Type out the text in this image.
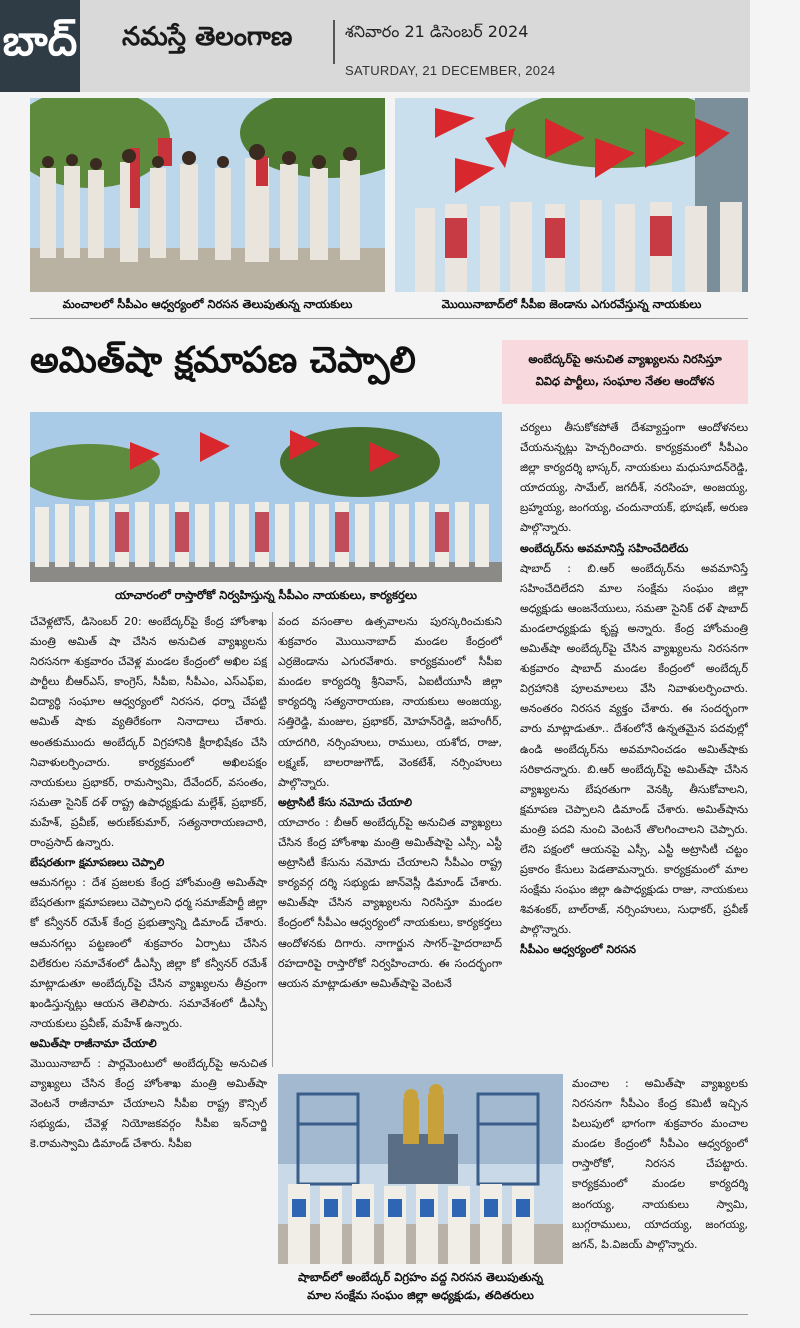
బాద్ నమస్తే తెలంగాణ	శనివారం 21 డిసెంబర్ 2024
SATURDAY, 21 DECEMBER, 2024
మంచాలలో సీపీఎం ఆధ్వర్యంలో నిరసన తెలుపుతున్న నాయకులు	మొయినాబాద్‌లో సీపీఐ జెండాను ఎగురవేస్తున్న నాయకులు
అమిత్‌షా క్షమాపణ చెప్పాలి	అంబేద్కర్‌పై అనుచిత వ్యాఖ్యలను నిరసిస్తూ
వివిధ పార్టీలు, సంఘాల నేతల ఆందోళన
యాచారంలో రాస్తారోకో నిర్వహిస్తున్న సీపీఎం నాయకులు, కార్యకర్తలు
చేవెళ్లటౌన్, డిసెంబర్ 20: అంబేద్కర్‌పై కేంద్ర హోంశాఖ మంత్రి అమిత్ షా చేసిన అనుచిత వ్యాఖ్యలను నిరసనగా శుక్రవారం చేవెళ్ల మండల కేంద్రంలో అఖిల పక్ష పార్టీలు బీఆర్‌ఎస్, కాంగ్రెస్, సీపీఐ, సీపీఎం, ఎస్‌ఎఫ్‌ఐ, విద్యార్థి సంఘాల ఆధ్వర్యంలో నిరసన, ధర్నా చేపట్టి అమిత్ షాకు వ్యతిరేకంగా నినాదాలు చేశారు. అంతకుముందు అంబేద్కర్ విగ్రహానికి క్షీరాభిషేకం చేసి నివాళులర్పించారు. కార్యక్రమంలో అఖిలపక్షం నాయకులు ప్రభాకర్, రామస్వామి, దేవేందర్, వసంతం, సమతా సైనిక్ దళ్ రాష్ట్ర ఉపాధ్యక్షుడు మల్లేశ్, ప్రభాకర్, మహేశ్, ప్రవీణ్, అరుణ్‌కుమార్, సత్యనారాయణచారి, రాంప్రసాద్ ఉన్నారు.
బేషరతుగా క్షమాపణలు చెప్పాలి
ఆమనగల్లు : దేశ ప్రజలకు కేంద్ర హోంమంత్రి అమిత్‌షా బేషరతుగా క్షమాపణలు చెప్పాలని ధర్మ సమాజ్‌పార్టీ జిల్లా కో కన్వీనర్ రమేశ్ కేంద్ర ప్రభుత్వాన్ని డిమాండ్ చేశారు. ఆమనగల్లు పట్టణంలో శుక్రవారం ఏర్పాటు చేసిన విలేకరుల సమావేశంలో డీఎస్పీ జిల్లా కో కన్వీనర్ రమేశ్ మాట్లాడుతూ అంబేద్కర్‌పై చేసిన వ్యాఖ్యలను తీవ్రంగా ఖండిస్తున్నట్లు ఆయన తెలిపారు. సమావేశంలో డీఎస్పీ నాయకులు ప్రవీణ్, మహేశ్ ఉన్నారు.
అమిత్‌షా రాజీనామా చేయాలి
మొయినాబాద్ : పార్లమెంటులో అంబేద్కర్‌పై అనుచిత వ్యాఖ్యలు చేసిన కేంద్ర హోంశాఖ మంత్రి అమిత్‌షా వెంటనే రాజీనామా చేయాలని సీపీఐ రాష్ట్ర కౌన్సిల్ సభ్యుడు, చేవెళ్ల నియోజకవర్గం సీపీఐ ఇన్‌చార్జి కె.రామస్వామి డిమాండ్ చేశారు. సీపీఐ
వంద వసంతాల ఉత్సవాలను పురస్కరించుకుని శుక్రవారం మొయినాబాద్ మండల కేంద్రంలో ఎర్రజెండాను ఎగురవేశారు. కార్యక్రమంలో సీపీఐ మండల కార్యదర్శి శ్రీనివాస్, ఏఐటీయూసీ జిల్లా కార్యదర్శి సత్యనారాయణ, నాయకులు అంజయ్య, సత్తిరెడ్డి, మంజుల, ప్రభాకర్, మోహన్‌రెడ్డి, జహంగీర్, యాదగిరి, నర్సింహులు, రాములు, యశోద, రాజు, లక్ష్మణ్, బాలరాజుగౌడ్, వెంకటేశ్, నర్సింహులు పాల్గొన్నారు.
అట్రాసిటీ కేసు నమోదు చేయాలి
యాచారం : బీఆర్ అంబేద్కర్‌పై అనుచిత వ్యాఖ్యలు చేసిన కేంద్ర హోంశాఖ మంత్రి అమిత్‌షాపై ఎస్సీ, ఎస్టీ అట్రాసిటీ కేసును నమోదు చేయాలని సీపీఎం రాష్ట్ర కార్యవర్గ దర్శి సభ్యుడు జాన్‌వెస్లీ డిమాండ్ చేశారు. అమిత్‌షా చేసిన వ్యాఖ్యలను నిరసిస్తూ మండల కేంద్రంలో సీపీఎం ఆధ్వర్యంలో నాయకులు, కార్యకర్తలు ఆందోళనకు దిగారు. నాగార్జున సాగర్–హైదరాబాద్ రహదారిపై రాస్తారోకో నిర్వహించారు. ఈ సందర్భంగా ఆయన మాట్లాడుతూ అమిత్‌షాపై వెంటనే
చర్యలు తీసుకోకపోతే దేశవ్యాప్తంగా ఆందోళనలు చేయనున్నట్లు హెచ్చరించారు. కార్యక్రమంలో సీపీఎం జిల్లా కార్యదర్శి భాస్కర్, నాయకులు మధుసూదన్‌రెడ్డి, యాదయ్య, సామేల్, జగదీశ్, నరసింహ, అంజయ్య, బ్రహ్మయ్య, జంగయ్య, చందునాయక్, భూషణ్, అరుణ పాల్గొన్నారు.
అంబేద్కర్‌ను అవమానిస్తే సహించేదిలేదు
షాబాద్ : బి.ఆర్ అంబేద్కర్‌ను అవమానిస్తే సహించేదిలేదని మాల సంక్షేమ సంఘం జిల్లా అధ్యక్షుడు ఆంజనేయులు, సమతా సైనిక్ దళ్ షాబాద్ మండలాధ్యక్షుడు కృష్ణ అన్నారు. కేంద్ర హోంమంత్రి అమిత్‌షా అంబేద్కర్‌పై చేసిన వ్యాఖ్యలను నిరసనగా శుక్రవారం షాబాద్ మండల కేంద్రంలో అంబేద్కర్ విగ్రహానికి పూలమాలలు వేసి నివాళులర్పించారు. అనంతరం నిరసన వ్యక్తం చేశారు. ఈ సందర్భంగా వారు మాట్లాడుతూ.. దేశంలోనే ఉన్నతమైన పదవుల్లో ఉండి అంబేద్కర్‌ను అవమానించడం అమిత్‌షాకు సరికాదన్నారు. బి.ఆర్ అంబేద్కర్‌పై అమిత్‌షా చేసిన వ్యాఖ్యలను బేషరతుగా వెనక్కి తీసుకోవాలని, క్షమాపణ చెప్పాలని డిమాండ్ చేశారు. అమిత్‌షాను మంత్రి పదవి నుంచి వెంటనే తొలగించాలని చెప్పారు. లేని పక్షంలో ఆయనపై ఎస్సీ, ఎస్టీ అట్రాసిటీ చట్టం ప్రకారం కేసులు పెడతామన్నారు. కార్యక్రమంలో మాల సంక్షేమ సంఘం జిల్లా ఉపాధ్యక్షుడు రాజు, నాయకులు శివశంకర్, బాల్‌రాజ్, నర్సింహులు, సుధాకర్, ప్రవీణ్ పాల్గొన్నారు.
సీపీఎం ఆధ్వర్యంలో నిరసన
షాబాద్‌లో అంబేద్కర్ విగ్రహం వద్ద నిరసన తెలుపుతున్న
మాల సంక్షేమ సంఘం జిల్లా అధ్యక్షుడు, తదితరులు
మంచాల : అమిత్‌షా వ్యాఖ్యలకు నిరసనగా సీపీఎం కేంద్ర కమిటీ ఇచ్చిన పిలుపులో భాగంగా శుక్రవారం మంచాల మండల కేంద్రంలో సీపీఎం ఆధ్వర్యంలో రాస్తారోకో, నిరసన చేపట్టారు. కార్యక్రమంలో మండల కార్యదర్శి జంగయ్య, నాయకులు స్వామి, బుగ్గరాములు, యాదయ్య, జంగయ్య, జగన్, పి.విజయ్ పాల్గొన్నారు.
